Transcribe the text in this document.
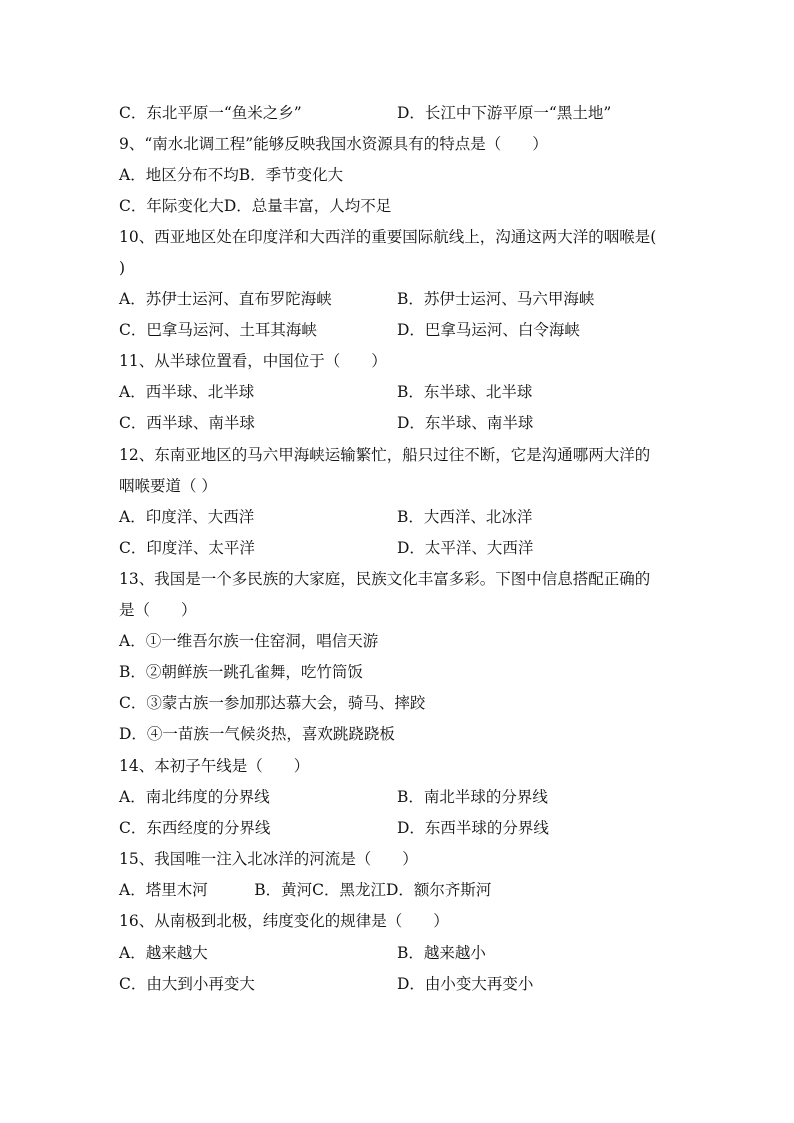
C．东北平原一“鱼米之乡”	D．长江中下游平原一“黑土地”
9、“南水北调工程”能够反映我国水资源具有的特点是（　　）
A．地区分布不均B．季节变化大
C．年际变化大D．总量丰富，人均不足
10、西亚地区处在印度洋和大西洋的重要国际航线上，沟通这两大洋的咽喉是(
)
A．苏伊士运河、直布罗陀海峡	B．苏伊士运河、马六甲海峡
C．巴拿马运河、土耳其海峡	D．巴拿马运河、白令海峡
11、从半球位置看，中国位于（　　）
A．西半球、北半球	B．东半球、北半球
C．西半球、南半球	D．东半球、南半球
12、东南亚地区的马六甲海峡运输繁忙，船只过往不断，它是沟通哪两大洋的
咽喉要道（ ）
A．印度洋、大西洋	B．大西洋、北冰洋
C．印度洋、太平洋	D．太平洋、大西洋
13、我国是一个多民族的大家庭，民族文化丰富多彩。下图中信息搭配正确的
是（　　）
A．①一维吾尔族一住窑洞，唱信天游
B．②朝鲜族一跳孔雀舞，吃竹筒饭
C．③蒙古族一参加那达慕大会，骑马、摔跤
D．④一苗族一气候炎热，喜欢跳跷跷板
14、本初子午线是（　　）
A．南北纬度的分界线	B．南北半球的分界线
C．东西经度的分界线	D．东西半球的分界线
15、我国唯一注入北冰洋的河流是（　　）
A．塔里木河　　　B．黄河C．黑龙江D．额尔齐斯河
16、从南极到北极，纬度变化的规律是（　　）
A．越来越大	B．越来越小
C．由大到小再变大	D．由小变大再变小
